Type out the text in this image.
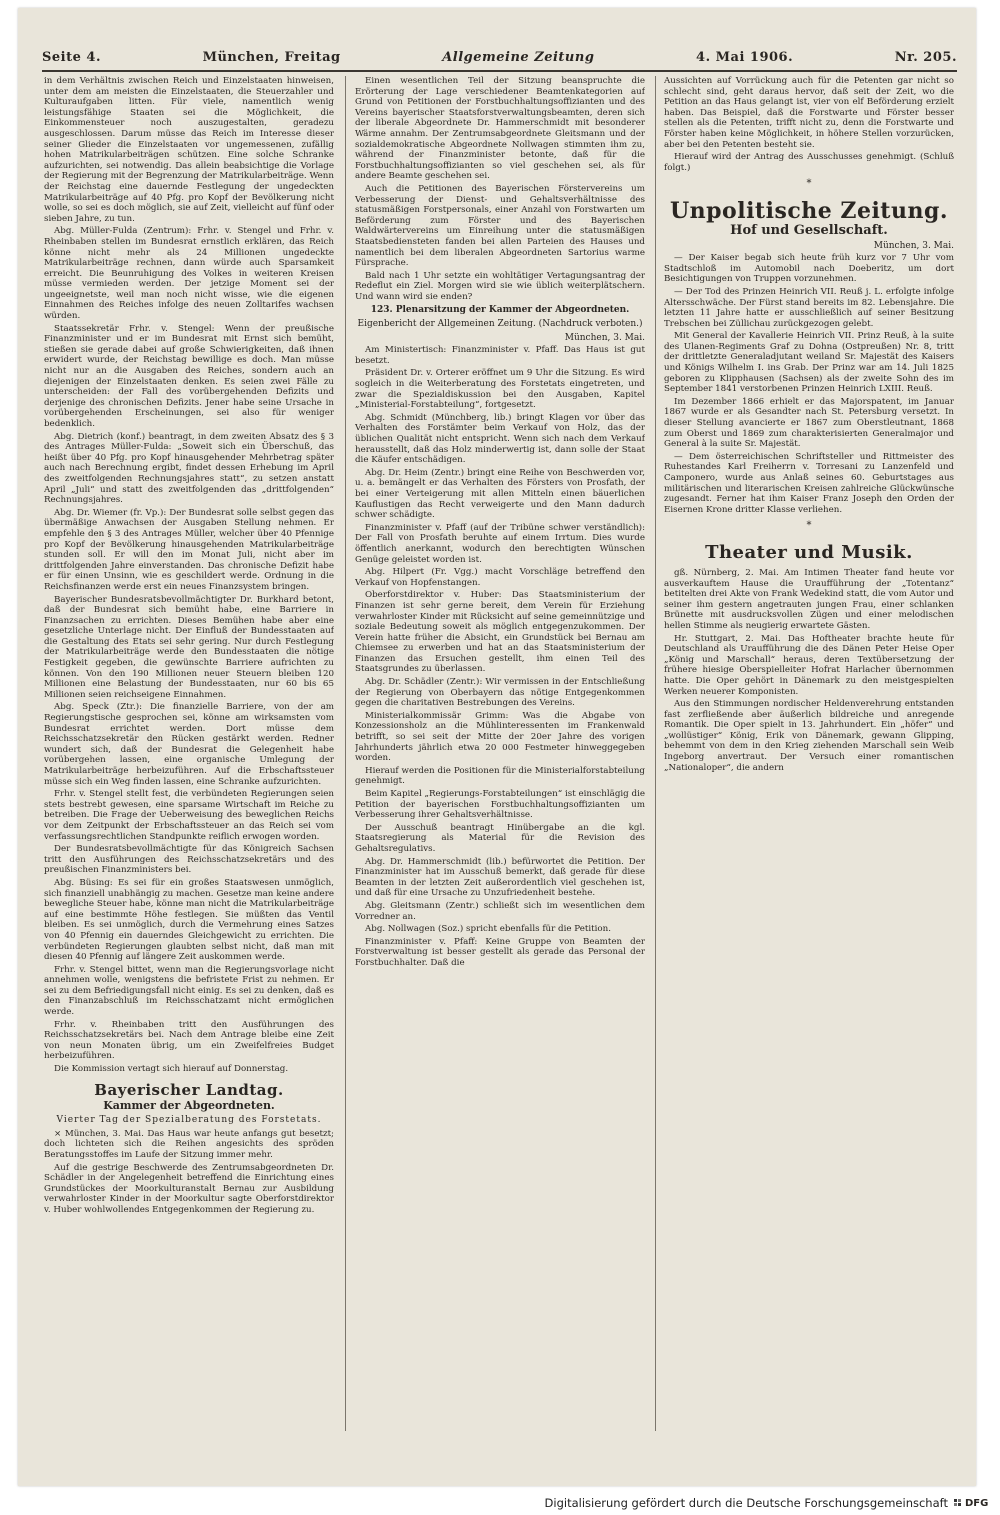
Seite 4.	München, Freitag	Allgemeine Zeitung	4. Mai 1906.	Nr. 205.

in dem Verhältnis zwischen Reich und Einzelstaaten hinweisen, unter dem am meisten die Einzelstaaten, die Steuerzahler und Kulturaufgaben litten. Für viele, namentlich wenig leistungsfähige Staaten sei die Möglichkeit, die Einkommensteuer noch auszugestalten, geradezu ausgeschlossen. Darum müsse das Reich im Interesse dieser seiner Glieder die Einzelstaaten vor ungemessenen, zufällig hohen Matrikularbeiträgen schützen. Eine solche Schranke aufzurichten, sei notwendig. Das allein beabsichtige die Vorlage der Regierung mit der Begrenzung der Matrikularbeiträge. Wenn der Reichstag eine dauernde Festlegung der ungedeckten Matrikularbeiträge auf 40 Pfg. pro Kopf der Bevölkerung nicht wolle, so sei es doch möglich, sie auf Zeit, vielleicht auf fünf oder sieben Jahre, zu tun.

Abg. Müller-Fulda (Zentrum): Frhr. v. Stengel und Frhr. v. Rheinbaben stellen im Bundesrat ernstlich erklären, das Reich könne nicht mehr als 24 Millionen ungedeckte Matrikularbeiträge rechnen, dann würde auch Sparsamkeit erreicht. Die Beunruhigung des Volkes in weiteren Kreisen müsse vermieden werden. Der jetzige Moment sei der ungeeignetste, weil man noch nicht wisse, wie die eigenen Einnahmen des Reiches infolge des neuen Zolltarifes wachsen würden.

Staatssekretär Frhr. v. Stengel: Wenn der preußische Finanzminister und er im Bundesrat mit Ernst sich bemüht, stießen sie gerade dabei auf große Schwierigkeiten, daß ihnen erwidert wurde, der Reichstag bewillige es doch. Man müsse nicht nur an die Ausgaben des Reiches, sondern auch an diejenigen der Einzelstaaten denken. Es seien zwei Fälle zu unterscheiden: der Fall des vorübergehenden Defizits und derjenige des chronischen Defizits. Jener habe seine Ursache in vorübergehenden Erscheinungen, sei also für weniger bedenklich.

Abg. Dietrich (konf.) beantragt, in dem zweiten Absatz des § 3 des Antrages Müller-Fulda: „Soweit sich ein Überschuß, das heißt über 40 Pfg. pro Kopf hinausgehender Mehrbetrag später auch nach Berechnung ergibt, findet dessen Erhebung im April des zweitfolgenden Rechnungsjahres statt“, zu setzen anstatt April „Juli“ und statt des zweitfolgenden das „drittfolgenden“ Rechnungsjahres.

Abg. Dr. Wiemer (fr. Vp.): Der Bundesrat solle selbst gegen das übermäßige Anwachsen der Ausgaben Stellung nehmen. Er empfehle den § 3 des Antrages Müller, welcher über 40 Pfennige pro Kopf der Bevölkerung hinausgehenden Matrikularbeiträge stunden soll. Er will den im Monat Juli, nicht aber im drittfolgenden Jahre einverstanden. Das chronische Defizit habe er für einen Unsinn, wie es geschildert werde. Ordnung in die Reichsfinanzen werde erst ein neues Finanzsystem bringen.

Bayerischer Bundesratsbevollmächtigter Dr. Burkhard betont, daß der Bundesrat sich bemüht habe, eine Barriere in Finanzsachen zu errichten. Dieses Bemühen habe aber eine gesetzliche Unterlage nicht. Der Einfluß der Bundesstaaten auf die Gestaltung des Etats sei sehr gering. Nur durch Festlegung der Matrikularbeiträge werde den Bundesstaaten die nötige Festigkeit gegeben, die gewünschte Barriere aufrichten zu können. Von den 190 Millionen neuer Steuern bleiben 120 Millionen eine Belastung der Bundesstaaten, nur 60 bis 65 Millionen seien reichseigene Einnahmen.

Abg. Speck (Ztr.): Die finanzielle Barriere, von der am Regierungstische gesprochen sei, könne am wirksamsten vom Bundesrat errichtet werden. Dort müsse dem Reichsschatzsekretär den Rücken gestärkt werden. Redner wundert sich, daß der Bundesrat die Gelegenheit habe vorübergehen lassen, eine organische Umlegung der Matrikularbeiträge herbeizuführen. Auf die Erbschaftssteuer müsse sich ein Weg finden lassen, eine Schranke aufzurichten.

Frhr. v. Stengel stellt fest, die verbündeten Regierungen seien stets bestrebt gewesen, eine sparsame Wirtschaft im Reiche zu betreiben. Die Frage der Ueberweisung des beweglichen Reichs vor dem Zeitpunkt der Erbschaftssteuer an das Reich sei vom verfassungsrechtlichen Standpunkte reiflich erwogen worden.

Der Bundesratsbevollmächtigte für das Königreich Sachsen tritt den Ausführungen des Reichsschatzsekretärs und des preußischen Finanzministers bei.

Abg. Büsing: Es sei für ein großes Staatswesen unmöglich, sich finanziell unabhängig zu machen. Gesetze man keine andere bewegliche Steuer habe, könne man nicht die Matrikularbeiträge auf eine bestimmte Höhe festlegen. Sie müßten das Ventil bleiben. Es sei unmöglich, durch die Vermehrung eines Satzes von 40 Pfennig ein dauerndes Gleichgewicht zu errichten. Die verbündeten Regierungen glaubten selbst nicht, daß man mit diesen 40 Pfennig auf längere Zeit auskommen werde.

Frhr. v. Stengel bittet, wenn man die Regierungsvorlage nicht annehmen wolle, wenigstens die befristete Frist zu nehmen. Er sei zu dem Befriedigungsfall nicht einig. Es sei zu denken, daß es den Finanzabschluß im Reichsschatzamt nicht ermöglichen werde.

Frhr. v. Rheinbaben tritt den Ausführungen des Reichsschatzsekretärs bei. Nach dem Antrage bleibe eine Zeit von neun Monaten übrig, um ein Zweifelfreies Budget herbeizuführen.

Die Kommission vertagt sich hierauf auf Donnerstag.

Bayerischer Landtag.
Kammer der Abgeordneten.
Vierter Tag der Spezialberatung des Forstetats.

× München, 3. Mai. Das Haus war heute anfangs gut besetzt; doch lichteten sich die Reihen angesichts des spröden Beratungsstoffes im Laufe der Sitzung immer mehr.

Auf die gestrige Beschwerde des Zentrumsabgeordneten Dr. Schädler in der Angelegenheit betreffend die Einrichtung eines Grundstückes der Moorkulturanstalt Bernau zur Ausbildung verwahrloster Kinder in der Moorkultur sagte Oberforstdirektor v. Huber wohlwollendes Entgegenkommen der Regierung zu.

Einen wesentlichen Teil der Sitzung beanspruchte die Erörterung der Lage verschiedener Beamtenkategorien auf Grund von Petitionen der Forstbuchhaltungsoffizianten und des Vereins bayerischer Staatsforstverwaltungsbeamten, deren sich der liberale Abgeordnete Dr. Hammerschmidt mit besonderer Wärme annahm. Der Zentrumsabgeordnete Gleitsmann und der sozialdemokratische Abgeordnete Nollwagen stimmten ihm zu, während der Finanzminister betonte, daß für die Forstbuchhaltungsoffizianten so viel geschehen sei, als für andere Beamte geschehen sei.

Auch die Petitionen des Bayerischen Förstervereins um Verbesserung der Dienst- und Gehaltsverhältnisse des statusmäßigen Forstpersonals, einer Anzahl von Forstwarten um Beförderung zum Förster und des Bayerischen Waldwärtervereins um Einreihung unter die statusmäßigen Staatsbediensteten fanden bei allen Parteien des Hauses und namentlich bei dem liberalen Abgeordneten Sartorius warme Fürsprache.

Bald nach 1 Uhr setzte ein wohltätiger Vertagungsantrag der Redeflut ein Ziel. Morgen wird sie wie üblich weiterplätschern. Und wann wird sie enden?

123. Plenarsitzung der Kammer der Abgeordneten.
Eigenbericht der Allgemeinen Zeitung. (Nachdruck verboten.)
München, 3. Mai.

Am Ministertisch: Finanzminister v. Pfaff. Das Haus ist gut besetzt.

Präsident Dr. v. Orterer eröffnet um 9 Uhr die Sitzung. Es wird sogleich in die Weiterberatung des Forstetats eingetreten, und zwar die Spezialdiskussion bei den Ausgaben, Kapitel „Ministerial-Forstabteilung“, fortgesetzt.

Abg. Schmidt (Münchberg, lib.) bringt Klagen vor über das Verhalten des Forstämter beim Verkauf von Holz, das der üblichen Qualität nicht entspricht. Wenn sich nach dem Verkauf herausstellt, daß das Holz minderwertig ist, dann solle der Staat die Käufer entschädigen.

Abg. Dr. Heim (Zentr.) bringt eine Reihe von Beschwerden vor, u. a. bemängelt er das Verhalten des Försters von Prosfath, der bei einer Verteigerung mit allen Mitteln einen bäuerlichen Kauflustigen das Recht verweigerte und den Mann dadurch schwer schädigte.

Finanzminister v. Pfaff (auf der Tribüne schwer verständlich): Der Fall von Prosfath beruhte auf einem Irrtum. Dies wurde öffentlich anerkannt, wodurch den berechtigten Wünschen Genüge geleistet worden ist.

Abg. Hilpert (Fr. Vgg.) macht Vorschläge betreffend den Verkauf von Hopfenstangen.

Oberforstdirektor v. Huber: Das Staatsministerium der Finanzen ist sehr gerne bereit, dem Verein für Erziehung verwahrloster Kinder mit Rücksicht auf seine gemeinnützige und soziale Bedeutung soweit als möglich entgegenzukommen. Der Verein hatte früher die Absicht, ein Grundstück bei Bernau am Chiemsee zu erwerben und hat an das Staatsministerium der Finanzen das Ersuchen gestellt, ihm einen Teil des Staatsgrundes zu überlassen.

Abg. Dr. Schädler (Zentr.): Wir vermissen in der Entschließung der Regierung von Oberbayern das nötige Entgegenkommen gegen die charitativen Bestrebungen des Vereins.

Ministerialkommissär Grimm: Was die Abgabe von Konzessionsholz an die Mühlinteressenten im Frankenwald betrifft, so sei seit der Mitte der 20er Jahre des vorigen Jahrhunderts jährlich etwa 20 000 Festmeter hinweggegeben worden.

Hierauf werden die Positionen für die Ministerialforstabteilung genehmigt.

Beim Kapitel „Regierungs-Forstabteilungen“ ist einschlägig die Petition der bayerischen Forstbuchhaltungsoffizianten um Verbesserung ihrer Gehaltsverhältnisse.

Der Ausschuß beantragt Hinübergabe an die kgl. Staatsregierung als Material für die Revision des Gehaltsregulativs.

Abg. Dr. Hammerschmidt (lib.) befürwortet die Petition. Der Finanzminister hat im Ausschuß bemerkt, daß gerade für diese Beamten in der letzten Zeit außerordentlich viel geschehen ist, und daß für eine Ursache zu Unzufriedenheit bestehe.

Abg. Gleitsmann (Zentr.) schließt sich im wesentlichen dem Vorredner an.

Abg. Nollwagen (Soz.) spricht ebenfalls für die Petition.

Finanzminister v. Pfaff: Keine Gruppe von Beamten der Forstverwaltung ist besser gestellt als gerade das Personal der Forstbuchhalter. Daß die

Aussichten auf Vorrückung auch für die Petenten gar nicht so schlecht sind, geht daraus hervor, daß seit der Zeit, wo die Petition an das Haus gelangt ist, vier von elf Beförderung erzielt haben. Das Beispiel, daß die Forstwarte und Förster besser stellen als die Petenten, trifft nicht zu, denn die Forstwarte und Förster haben keine Möglichkeit, in höhere Stellen vorzurücken, aber bei den Petenten besteht sie.

Hierauf wird der Antrag des Ausschusses genehmigt. (Schluß folgt.)

*
Unpolitische Zeitung.
Hof und Gesellschaft.
München, 3. Mai.

— Der Kaiser begab sich heute früh kurz vor 7 Uhr vom Stadtschloß im Automobil nach Doeberitz, um dort Besichtigungen von Truppen vorzunehmen.

— Der Tod des Prinzen Heinrich VII. Reuß j. L. erfolgte infolge Altersschwäche. Der Fürst stand bereits im 82. Lebensjahre. Die letzten 11 Jahre hatte er ausschließlich auf seiner Besitzung Trebschen bei Züllichau zurückgezogen gelebt.

Mit General der Kavallerie Heinrich VII. Prinz Reuß, à la suite des Ulanen-Regiments Graf zu Dohna (Ostpreußen) Nr. 8, tritt der drittletzte Generaladjutant weiland Sr. Majestät des Kaisers und Königs Wilhelm I. ins Grab. Der Prinz war am 14. Juli 1825 geboren zu Klipphausen (Sachsen) als der zweite Sohn des im September 1841 verstorbenen Prinzen Heinrich LXIII. Reuß.

Im Dezember 1866 erhielt er das Majorspatent, im Januar 1867 wurde er als Gesandter nach St. Petersburg versetzt. In dieser Stellung avancierte er 1867 zum Oberstleutnant, 1868 zum Oberst und 1869 zum charakterisierten Generalmajor und General à la suite Sr. Majestät.

— Dem österreichischen Schriftsteller und Rittmeister des Ruhestandes Karl Freiherrn v. Torresani zu Lanzenfeld und Camponero, wurde aus Anlaß seines 60. Geburtstages aus militärischen und literarischen Kreisen zahlreiche Glückwünsche zugesandt. Ferner hat ihm Kaiser Franz Joseph den Orden der Eisernen Krone dritter Klasse verliehen.

*
Theater und Musik.

gß. Nürnberg, 2. Mai. Am Intimen Theater fand heute vor ausverkauftem Hause die Uraufführung der „Totentanz“ betitelten drei Akte von Frank Wedekind statt, die vom Autor und seiner ihm gestern angetrauten jungen Frau, einer schlanken Brünette mit ausdrucksvollen Zügen und einer melodischen hellen Stimme als neugierig erwartete Gästen.

Hr. Stuttgart, 2. Mai. Das Hoftheater brachte heute für Deutschland als Uraufführung die des Dänen Peter Heise Oper „König und Marschall“ heraus, deren Textübersetzung der frühere hiesige Oberspielleiter Hofrat Harlacher übernommen hatte. Die Oper gehört in Dänemark zu den meistgespielten Werken neuerer Komponisten.

Aus den Stimmungen nordischer Heldenverehrung entstanden fast zerfließende aber äußerlich bildreiche und anregende Romantik. Die Oper spielt in 13. Jahrhundert. Ein „höfer“ und „wollüstiger“ König, Erik von Dänemark, gewann Glipping, behemmt von dem in den Krieg ziehenden Marschall sein Weib Ingeborg anvertraut. Der Versuch einer romantischen „Nationaloper“, die andern

Digitalisierung gefördert durch die Deutsche Forschungsgemeinschaft DFG
